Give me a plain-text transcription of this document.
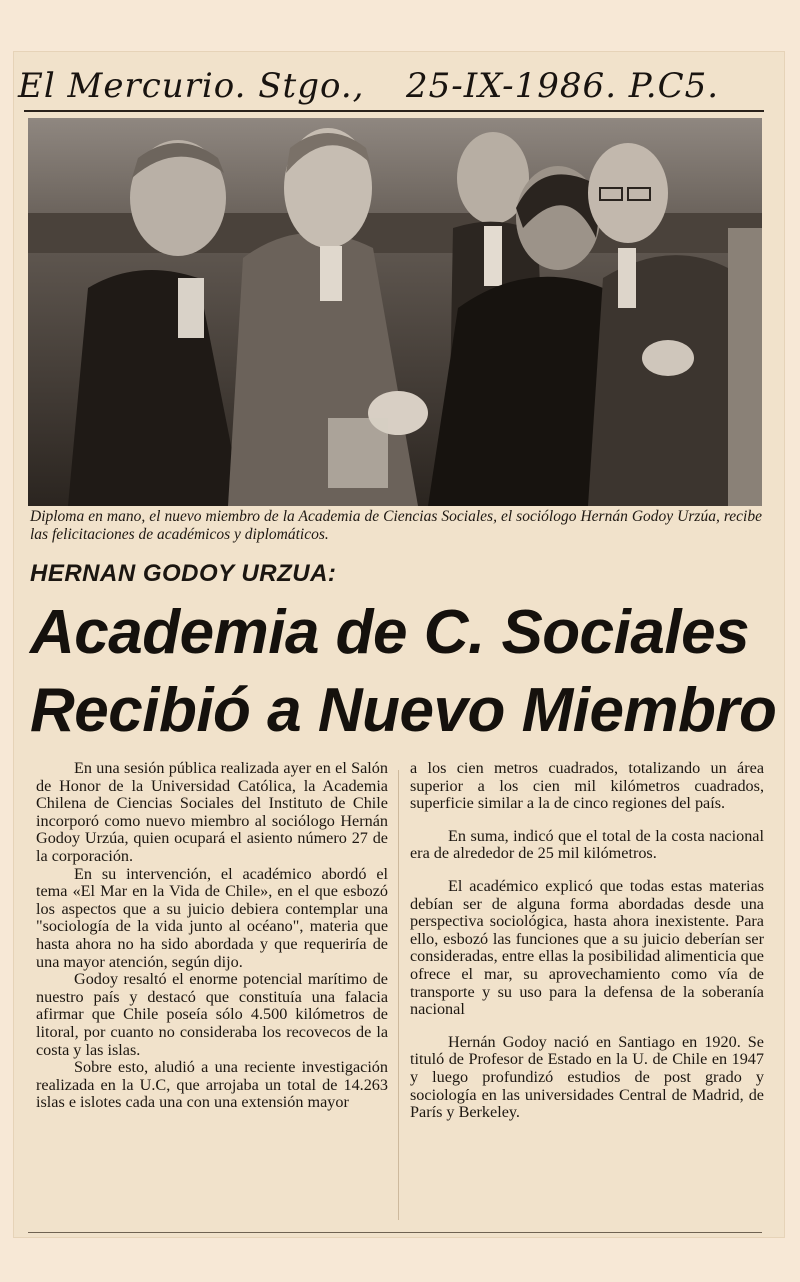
El Mercurio. Stgo., 25-IX-1986. P.C5.
Diploma en mano, el nuevo miembro de la Academia de Ciencias Sociales, el sociólogo Hernán Godoy Urzúa, recibe las felicitaciones de académicos y diplomáticos.
HERNAN GODOY URZUA:
Academia de C. Sociales
Recibió a Nuevo Miembro

En una sesión pública realizada ayer en el Salón de Honor de la Universidad Católica, la Academia Chilena de Ciencias Sociales del Instituto de Chile incorporó como nuevo miembro al sociólogo Hernán Godoy Urzúa, quien ocupará el asiento número 27 de la corporación.

En su intervención, el académico abordó el tema «El Mar en la Vida de Chile», en el que esbozó los aspectos que a su juicio debiera contemplar una "sociología de la vida junto al océano", materia que hasta ahora no ha sido abordada y que requeriría de una mayor atención, según dijo.

Godoy resaltó el enorme potencial marítimo de nuestro país y destacó que constituía una falacia afirmar que Chile poseía sólo 4.500 kilómetros de litoral, por cuanto no consideraba los recovecos de la costa y las islas.

Sobre esto, aludió a una reciente investigación realizada en la U.C, que arrojaba un total de 14.263 islas e islotes cada una con una extensión mayor

a los cien metros cuadrados, totalizando un área superior a los cien mil kilómetros cuadrados, superficie similar a la de cinco regiones del país.

En suma, indicó que el total de la costa nacional era de alrededor de 25 mil kilómetros.

El académico explicó que todas estas materias debían ser de alguna forma abordadas desde una perspectiva sociológica, hasta ahora inexistente. Para ello, esbozó las funciones que a su juicio deberían ser consideradas, entre ellas la posibilidad alimenticia que ofrece el mar, su aprovechamiento como vía de transporte y su uso para la defensa de la soberanía nacional

Hernán Godoy nació en Santiago en 1920. Se tituló de Profesor de Estado en la U. de Chile en 1947 y luego profundizó estudios de post grado y sociología en las universidades Central de Madrid, de París y Berkeley.
